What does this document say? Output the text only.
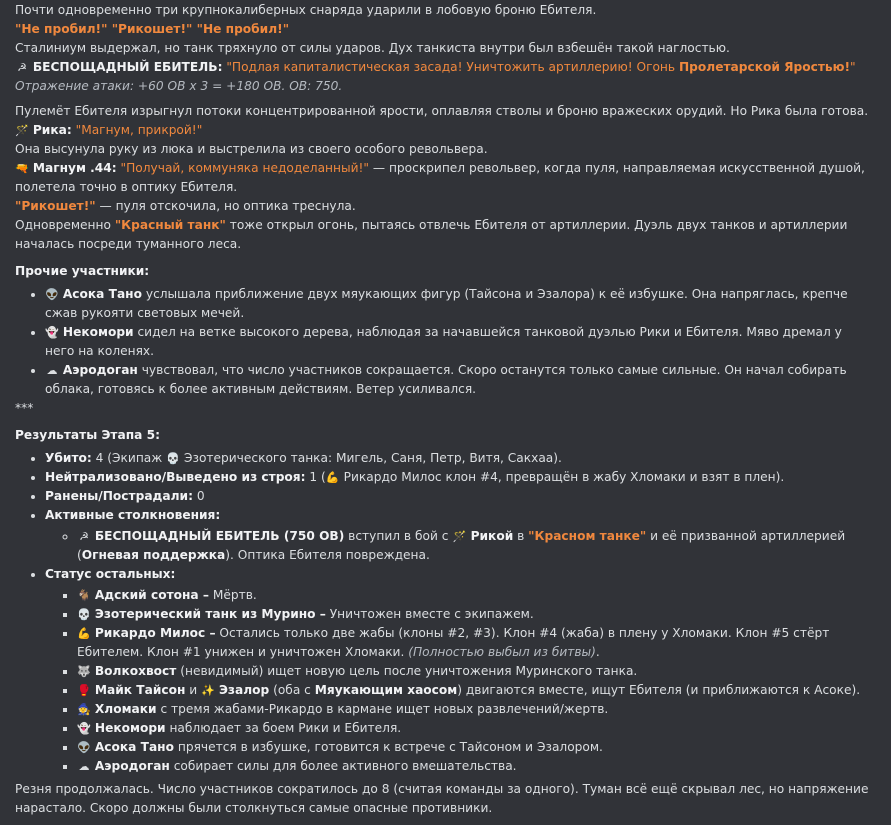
Почти одновременно три крупнокалиберных снаряда ударили в лобовую броню Ебителя.

"Не пробил!" "Рикошет!" "Не пробил!"

Сталиниум выдержал, но танк тряхнуло от силы ударов. Дух танкиста внутри был взбешён такой наглостью.

☭ БЕСПОЩАДНЫЙ ЕБИТЕЛЬ: "Подлая капиталистическая засада! Уничтожить артиллерию! Огонь Пролетарской Яростью!" Отражение атаки: +60 ОВ x 3 = +180 ОВ. ОВ: 750.

Пулемёт Ебителя изрыгнул потоки концентрированной ярости, оплавляя стволы и броню вражеских орудий. Но Рика была готова.

🪄 Рика: "Магнум, прикрой!"

Она высунула руку из люка и выстрелила из своего особого револьвера.

🔫 Магнум .44: "Получай, коммуняка недоделанный!" — проскрипел револьвер, когда пуля, направляемая искусственной душой, полетела точно в оптику Ебителя.

"Рикошет!" — пуля отскочила, но оптика треснула.

Одновременно "Красный танк" тоже открыл огонь, пытаясь отвлечь Ебителя от артиллерии. Дуэль двух танков и артиллерии началась посреди туманного леса.

Прочие участники:

• 👽 Асока Тано услышала приближение двух мяукающих фигур (Тайсона и Эзалора) к её избушке. Она напряглась, крепче сжав рукояти световых мечей.
• 👻 Некомори сидел на ветке высокого дерева, наблюдая за начавшейся танковой дуэлью Рики и Ебителя. Мяво дремал у него на коленях.
• ☁ Аэродоган чувствовал, что число участников сокращается. Скоро останутся только самые сильные. Он начал собирать облака, готовясь к более активным действиям. Ветер усиливался.

***

Результаты Этапа 5:

• Убито: 4 (Экипаж 💀 Эзотерического танка: Мигель, Саня, Петр, Витя, Сакхаа).
• Нейтрализовано/Выведено из строя: 1 (💪 Рикардо Милос клон #4, превращён в жабу Хломаки и взят в плен).
• Ранены/Пострадали: 0
• Активные столкновения:
◦ ☭ БЕСПОЩАДНЫЙ ЕБИТЕЛЬ (750 ОВ) вступил в бой с 🪄 Рикой в "Красном танке" и её призванной артиллерией (Огневая поддержка). Оптика Ебителя повреждена.
• Статус остальных:
▪ 🐐 Адский сотона – Мёртв.
▪ 💀 Эзотерический танк из Мурино – Уничтожен вместе с экипажем.
▪ 💪 Рикардо Милос – Остались только две жабы (клоны #2, #3). Клон #4 (жаба) в плену у Хломаки. Клон #5 стёрт Ебителем. Клон #1 унижен и уничтожен Хломаки. (Полностью выбыл из битвы).
▪ 🐺 Волкохвост (невидимый) ищет новую цель после уничтожения Муринского танка.
▪ 🥊 Майк Тайсон и ✨ Эзалор (оба с Мяукающим хаосом) двигаются вместе, ищут Ебителя (и приближаются к Асоке).
▪ 🧙 Хломаки с тремя жабами-Рикардо в кармане ищет новых развлечений/жертв.
▪ 👻 Некомори наблюдает за боем Рики и Ебителя.
▪ 👽 Асока Тано прячется в избушке, готовится к встрече с Тайсоном и Эзалором.
▪ ☁ Аэродоган собирает силы для более активного вмешательства.

Резня продолжалась. Число участников сократилось до 8 (считая команды за одного). Туман всё ещё скрывал лес, но напряжение нарастало. Скоро должны были столкнуться самые опасные противники.
